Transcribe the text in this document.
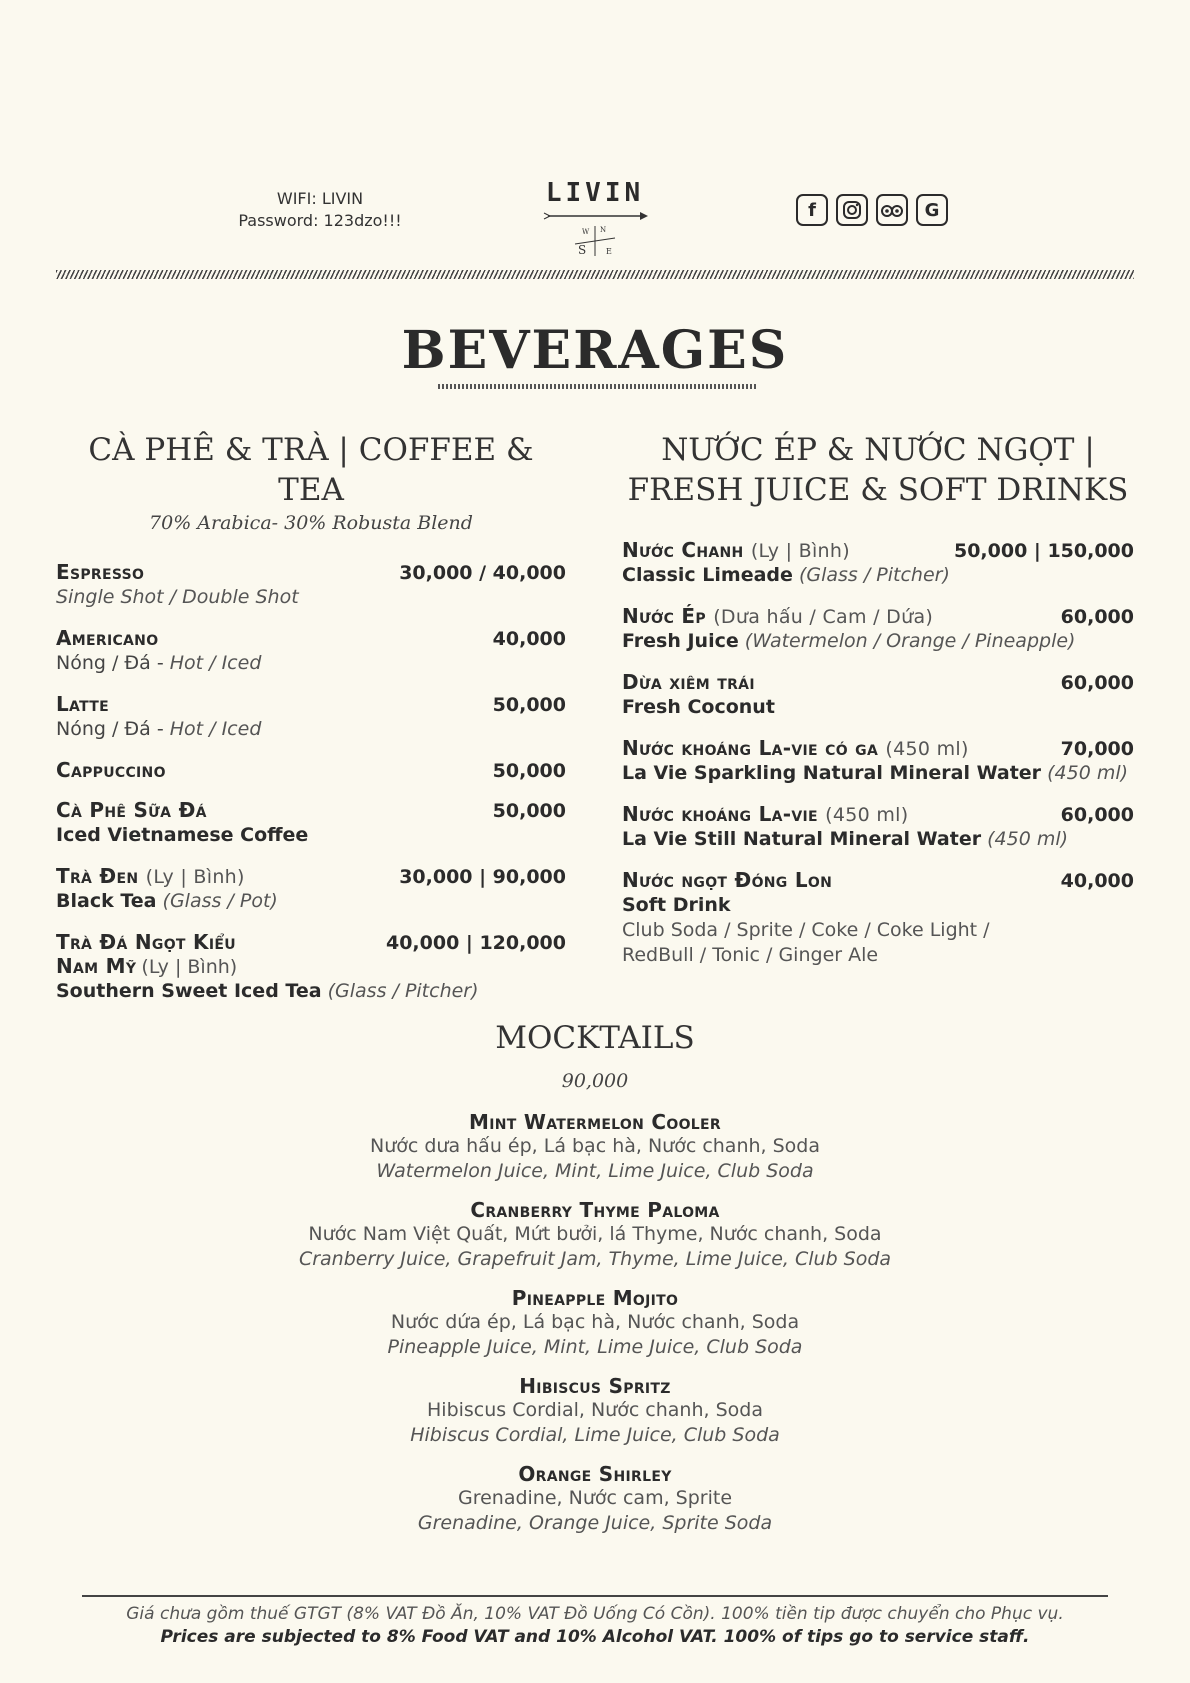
WIFI: LIVIN
Password: 123dzo!!!
LIVIN
W N
S E
f	G
BEVERAGES
CÀ PHÊ & TRÀ | COFFEE & TEA
70% Arabica- 30% Robusta Blend
Espresso	30,000 / 40,000
Single Shot / Double Shot
Americano	40,000
Nóng / Đá - Hot / Iced
Latte	50,000
Nóng / Đá - Hot / Iced
Cappuccino	50,000
Cà Phê Sữa Đá	50,000
Iced Vietnamese Coffee
Trà Đen (Ly | Bình)	30,000 | 90,000
Black Tea (Glass / Pot)
Trà Đá Ngọt Kiểu	40,000 | 120,000
Nam Mỹ (Ly | Bình)
Southern Sweet Iced Tea (Glass / Pitcher)
NƯỚC ÉP & NƯỚC NGỌT |
FRESH JUICE & SOFT DRINKS
Nước Chanh (Ly | Bình)	50,000 | 150,000
Classic Limeade (Glass / Pitcher)
Nước Ép (Dưa hấu / Cam / Dứa)	60,000
Fresh Juice (Watermelon / Orange / Pineapple)
Dừa xiêm trái	60,000
Fresh Coconut
Nước khoáng La-vie có ga (450 ml)	70,000
La Vie Sparkling Natural Mineral Water (450 ml)
Nước khoáng La-vie (450 ml)	60,000
La Vie Still Natural Mineral Water (450 ml)
Nước ngọt Đóng Lon	40,000
Soft Drink
Club Soda / Sprite / Coke / Coke Light /
RedBull / Tonic / Ginger Ale
MOCKTAILS
90,000
Mint Watermelon Cooler
Nước dưa hấu ép, Lá bạc hà, Nước chanh, Soda
Watermelon Juice, Mint, Lime Juice, Club Soda
Cranberry Thyme Paloma
Nước Nam Việt Quất, Mứt bưởi, lá Thyme, Nước chanh, Soda
Cranberry Juice, Grapefruit Jam, Thyme, Lime Juice, Club Soda
Pineapple Mojito
Nước dứa ép, Lá bạc hà, Nước chanh, Soda
Pineapple Juice, Mint, Lime Juice, Club Soda
Hibiscus Spritz
Hibiscus Cordial, Nước chanh, Soda
Hibiscus Cordial, Lime Juice, Club Soda
Orange Shirley
Grenadine, Nước cam, Sprite
Grenadine, Orange Juice, Sprite Soda
Giá chưa gồm thuế GTGT (8% VAT Đồ Ăn, 10% VAT Đồ Uống Có Cồn). 100% tiền tip được chuyển cho Phục vụ.
Prices are subjected to 8% Food VAT and 10% Alcohol VAT. 100% of tips go to service staff.
